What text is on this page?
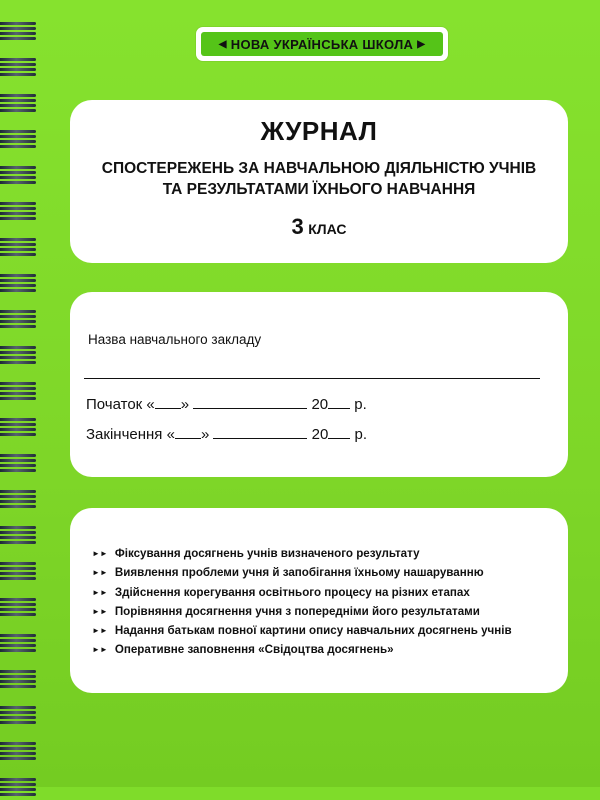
◀ НОВА УКРАЇНСЬКА ШКОЛА ▶
ЖУРНАЛ
СПОСТЕРЕЖЕНЬ ЗА НАВЧАЛЬНОЮ ДІЯЛЬНІСТЮ УЧНІВ
ТА РЕЗУЛЬТАТАМИ ЇХНЬОГО НАВЧАННЯ
3 КЛАС
Назва навчального закладу
Початок « »	20 р.
Закінчення « »	20 р.
►► Фіксування досягнень учнів визначеного результату
►► Виявлення проблеми учня й запобігання їхньому нашаруванню
►► Здійснення корегування освітнього процесу на різних етапах
►► Порівняння досягнення учня з попередніми його результатами
►► Надання батькам повної картини опису навчальних досягнень учнів
►► Оперативне заповнення «Свідоцтва досягнень»
